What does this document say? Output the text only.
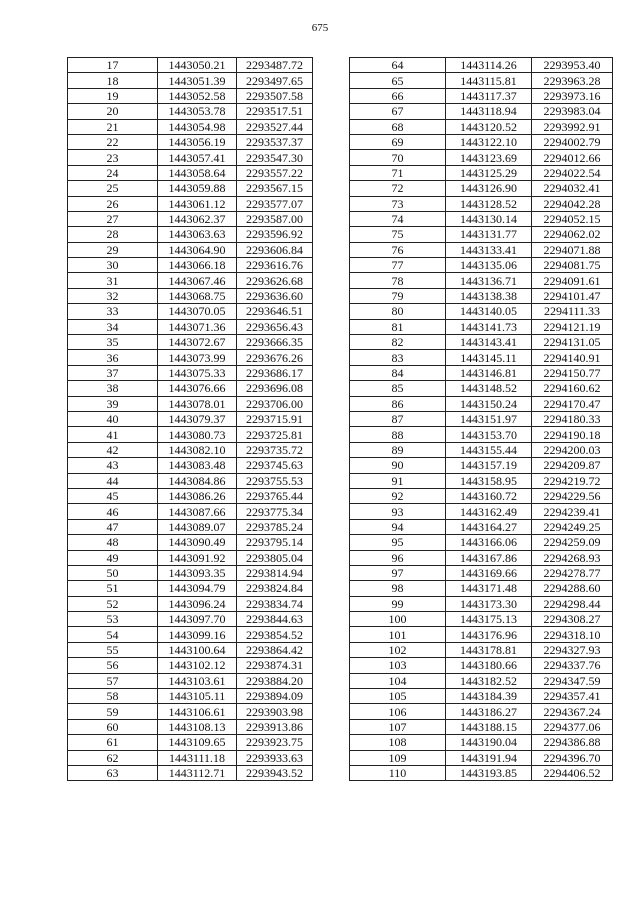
675
17	1443050.21	2293487.72
18	1443051.39	2293497.65
19	1443052.58	2293507.58
20	1443053.78	2293517.51
21	1443054.98	2293527.44
22	1443056.19	2293537.37
23	1443057.41	2293547.30
24	1443058.64	2293557.22
25	1443059.88	2293567.15
26	1443061.12	2293577.07
27	1443062.37	2293587.00
28	1443063.63	2293596.92
29	1443064.90	2293606.84
30	1443066.18	2293616.76
31	1443067.46	2293626.68
32	1443068.75	2293636.60
33	1443070.05	2293646.51
34	1443071.36	2293656.43
35	1443072.67	2293666.35
36	1443073.99	2293676.26
37	1443075.33	2293686.17
38	1443076.66	2293696.08
39	1443078.01	2293706.00
40	1443079.37	2293715.91
41	1443080.73	2293725.81
42	1443082.10	2293735.72
43	1443083.48	2293745.63
44	1443084.86	2293755.53
45	1443086.26	2293765.44
46	1443087.66	2293775.34
47	1443089.07	2293785.24
48	1443090.49	2293795.14
49	1443091.92	2293805.04
50	1443093.35	2293814.94
51	1443094.79	2293824.84
52	1443096.24	2293834.74
53	1443097.70	2293844.63
54	1443099.16	2293854.52
55	1443100.64	2293864.42
56	1443102.12	2293874.31
57	1443103.61	2293884.20
58	1443105.11	2293894.09
59	1443106.61	2293903.98
60	1443108.13	2293913.86
61	1443109.65	2293923.75
62	1443111.18	2293933.63
63	1443112.71	2293943.52
64	1443114.26	2293953.40
65	1443115.81	2293963.28
66	1443117.37	2293973.16
67	1443118.94	2293983.04
68	1443120.52	2293992.91
69	1443122.10	2294002.79
70	1443123.69	2294012.66
71	1443125.29	2294022.54
72	1443126.90	2294032.41
73	1443128.52	2294042.28
74	1443130.14	2294052.15
75	1443131.77	2294062.02
76	1443133.41	2294071.88
77	1443135.06	2294081.75
78	1443136.71	2294091.61
79	1443138.38	2294101.47
80	1443140.05	2294111.33
81	1443141.73	2294121.19
82	1443143.41	2294131.05
83	1443145.11	2294140.91
84	1443146.81	2294150.77
85	1443148.52	2294160.62
86	1443150.24	2294170.47
87	1443151.97	2294180.33
88	1443153.70	2294190.18
89	1443155.44	2294200.03
90	1443157.19	2294209.87
91	1443158.95	2294219.72
92	1443160.72	2294229.56
93	1443162.49	2294239.41
94	1443164.27	2294249.25
95	1443166.06	2294259.09
96	1443167.86	2294268.93
97	1443169.66	2294278.77
98	1443171.48	2294288.60
99	1443173.30	2294298.44
100	1443175.13	2294308.27
101	1443176.96	2294318.10
102	1443178.81	2294327.93
103	1443180.66	2294337.76
104	1443182.52	2294347.59
105	1443184.39	2294357.41
106	1443186.27	2294367.24
107	1443188.15	2294377.06
108	1443190.04	2294386.88
109	1443191.94	2294396.70
110	1443193.85	2294406.52
